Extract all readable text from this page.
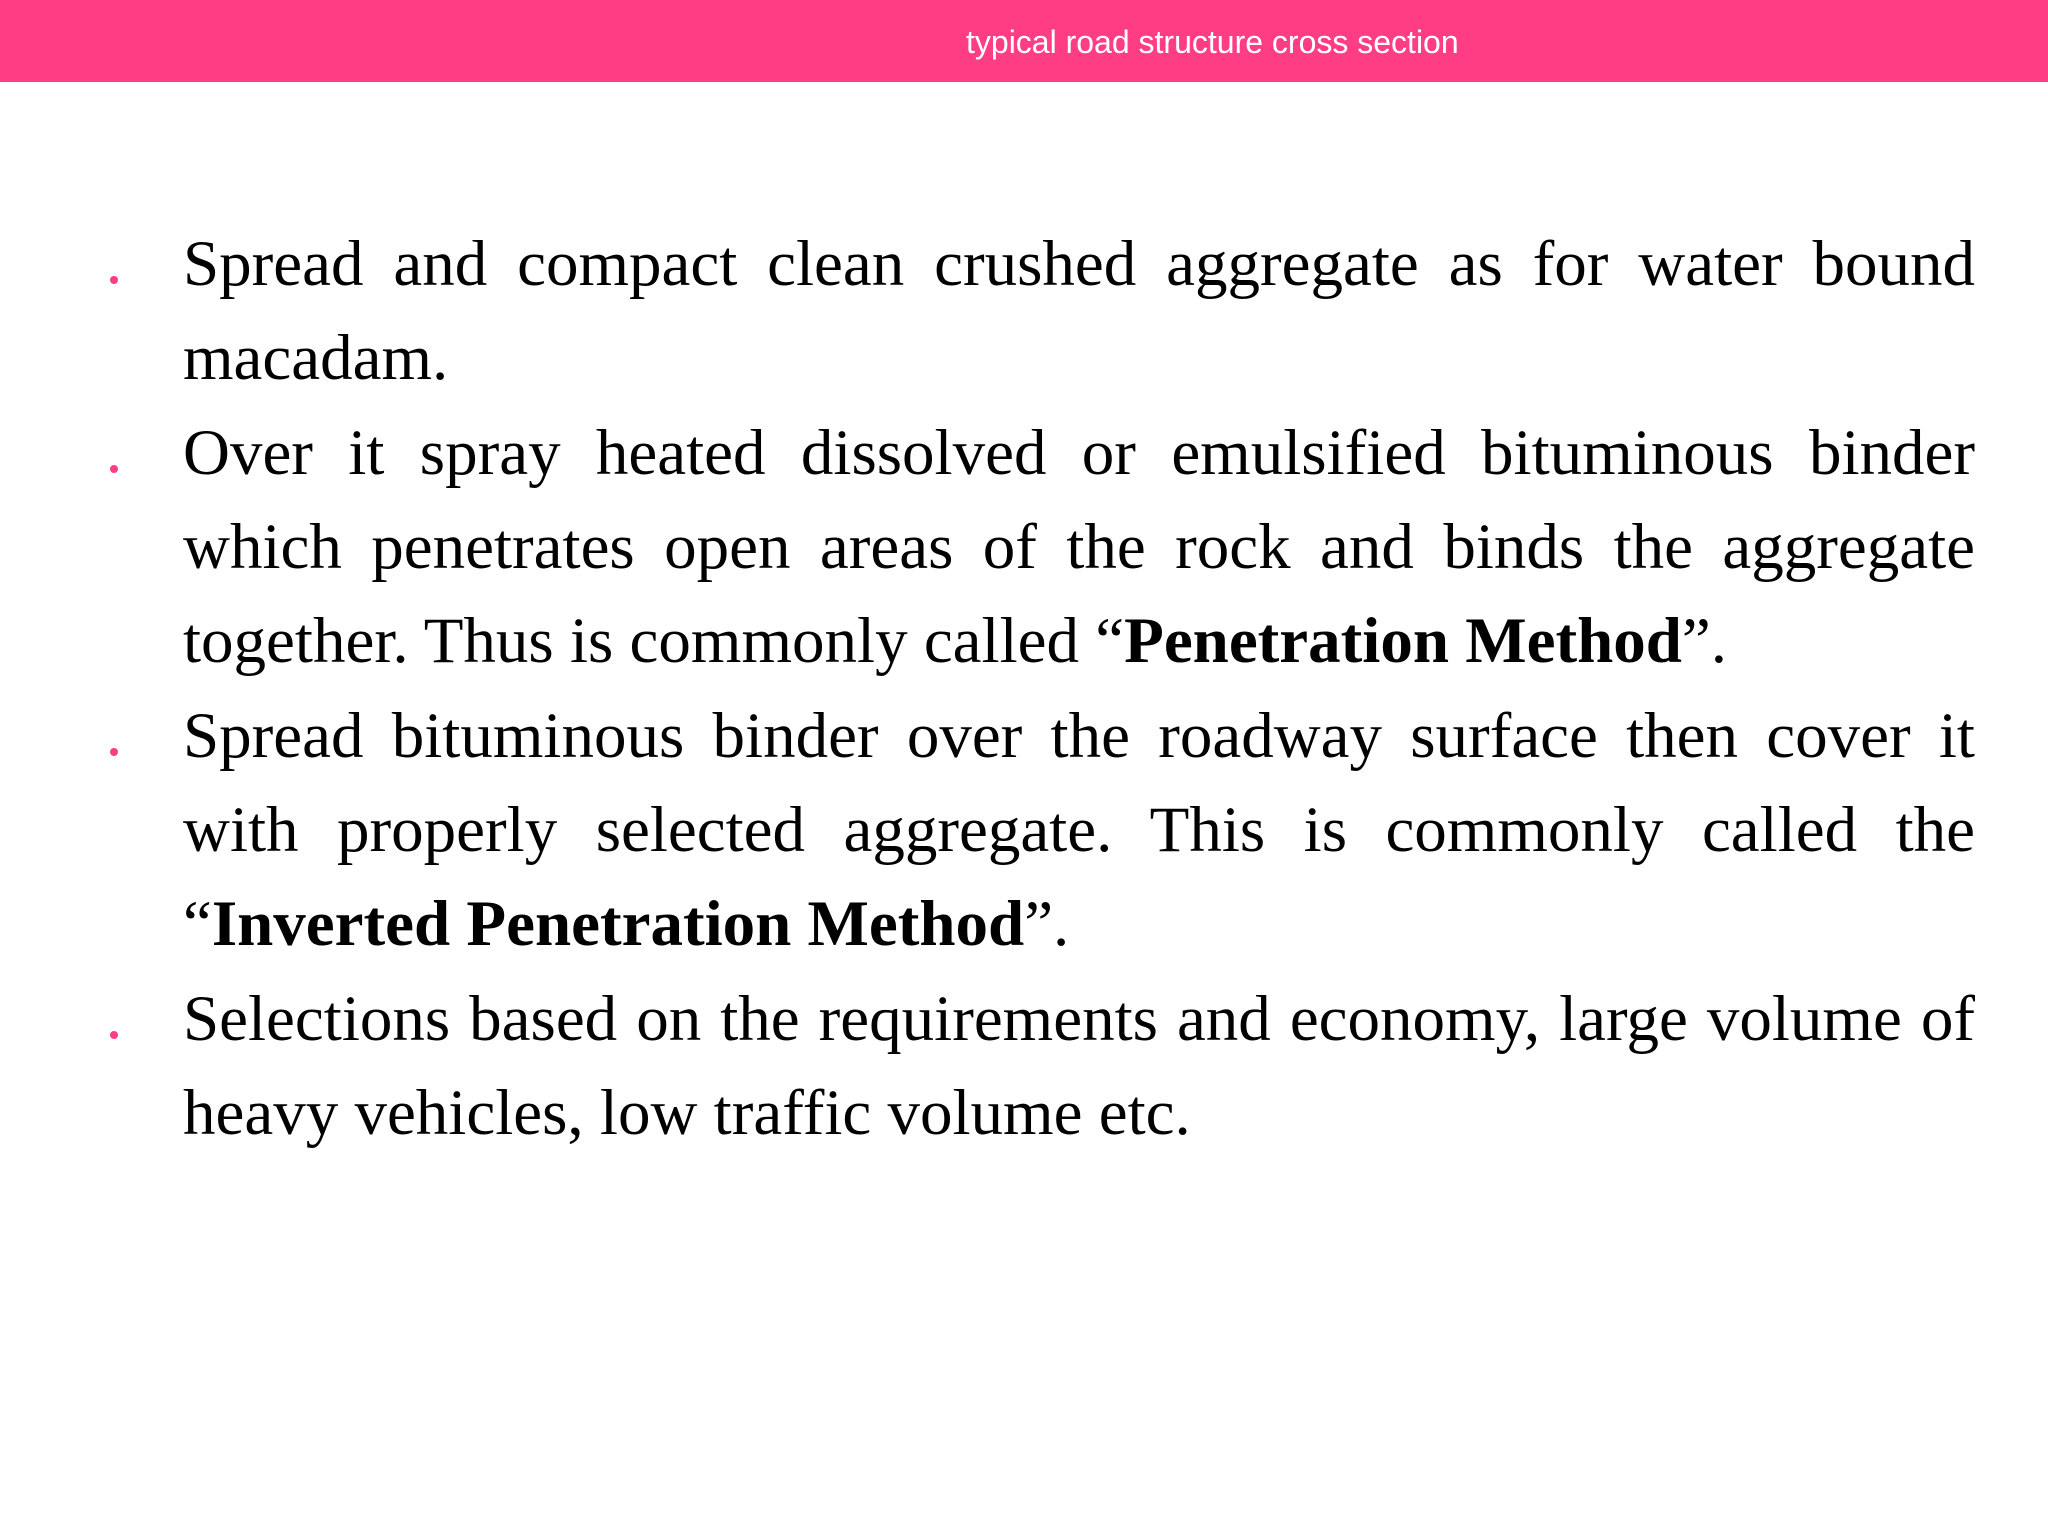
typical road structure cross section
Spread and compact clean crushed aggregate as for water bound macadam.
Over it spray heated dissolved or emulsified bituminous binder which penetrates open areas of the rock and binds the aggregate together. Thus is commonly called “Penetration Method”.
Spread bituminous binder over the roadway surface then cover it with properly selected aggregate. This is commonly called the “Inverted Penetration Method”.
Selections based on the requirements and economy, large volume of heavy vehicles, low traffic volume etc.
